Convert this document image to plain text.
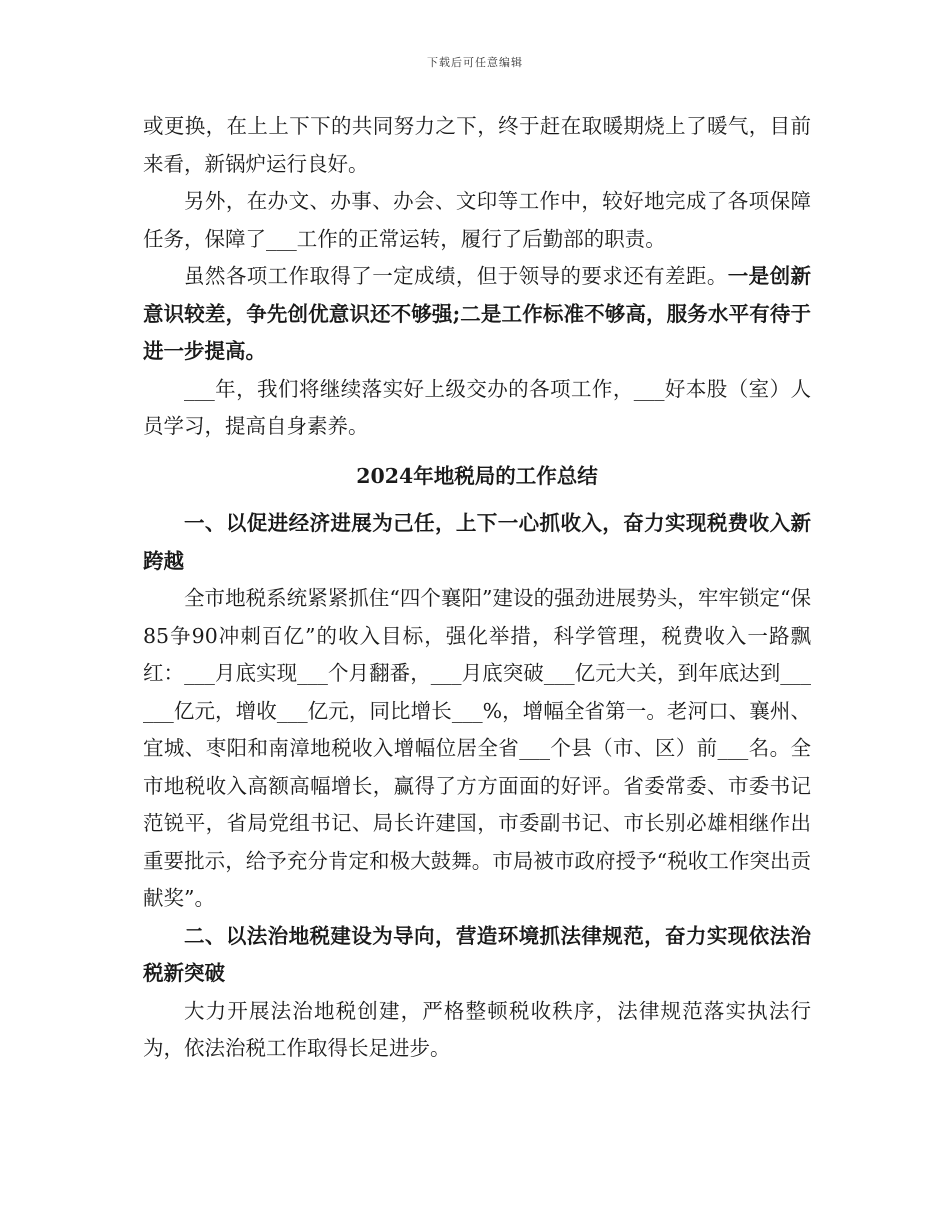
下载后可任意编辑

或更换，在上上下下的共同努力之下，终于赶在取暖期烧上了暖气，目前来看，新锅炉运行良好。

另外，在办文、办事、办会、文印等工作中，较好地完成了各项保障任务，保障了___工作的正常运转，履行了后勤部的职责。

虽然各项工作取得了一定成绩，但于领导的要求还有差距。一是创新意识较差，争先创优意识还不够强;二是工作标准不够高，服务水平有待于进一步提高。

___年，我们将继续落实好上级交办的各项工作，___好本股（室）人员学习，提高自身素养。

2024年地税局的工作总结

一、以促进经济进展为己任，上下一心抓收入，奋力实现税费收入新跨越

全市地税系统紧紧抓住“四个襄阳”建设的强劲进展势头，牢牢锁定“保85争90冲刺百亿”的收入目标，强化举措，科学管理，税费收入一路飘红：___月底实现___个月翻番，___月底突破___亿元大关，到年底达到______亿元，增收___亿元，同比增长___%，增幅全省第一。老河口、襄州、宜城、枣阳和南漳地税收入增幅位居全省___个县（市、区）前___名。全市地税收入高额高幅增长，赢得了方方面面的好评。省委常委、市委书记范锐平，省局党组书记、局长许建国，市委副书记、市长别必雄相继作出重要批示，给予充分肯定和极大鼓舞。市局被市政府授予“税收工作突出贡献奖”。

二、以法治地税建设为导向，营造环境抓法律规范，奋力实现依法治税新突破

大力开展法治地税创建，严格整顿税收秩序，法律规范落实执法行为，依法治税工作取得长足进步。
